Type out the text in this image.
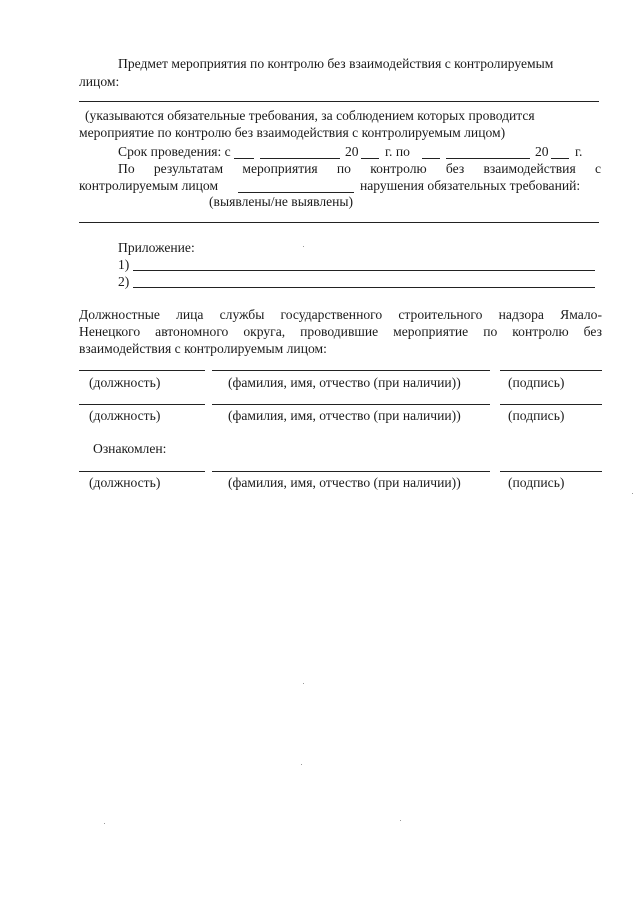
Предмет мероприятия по контролю без взаимодействия с контролируемым
лицом:
(указываются обязательные требования, за соблюдением которых проводится
мероприятие по контролю без взаимодействия с контролируемым лицом)
Срок проведения: с	20 г. по	20 г.
По результатам мероприятия по контролю без взаимодействия с
контролируемым лицом	нарушения обязательных требований:
(выявлены/не выявлены)
Приложение:
1)
2)
Должностные лица службы государственного строительного надзора Ямало-
Ненецкого автономного округа, проводившие мероприятие по контролю без
взаимодействия с контролируемым лицом:
(должность)	(фамилия, имя, отчество (при наличии))	(подпись)
(должность)	(фамилия, имя, отчество (при наличии))	(подпись)
Ознакомлен:
(должность)	(фамилия, имя, отчество (при наличии))	(подпись)
